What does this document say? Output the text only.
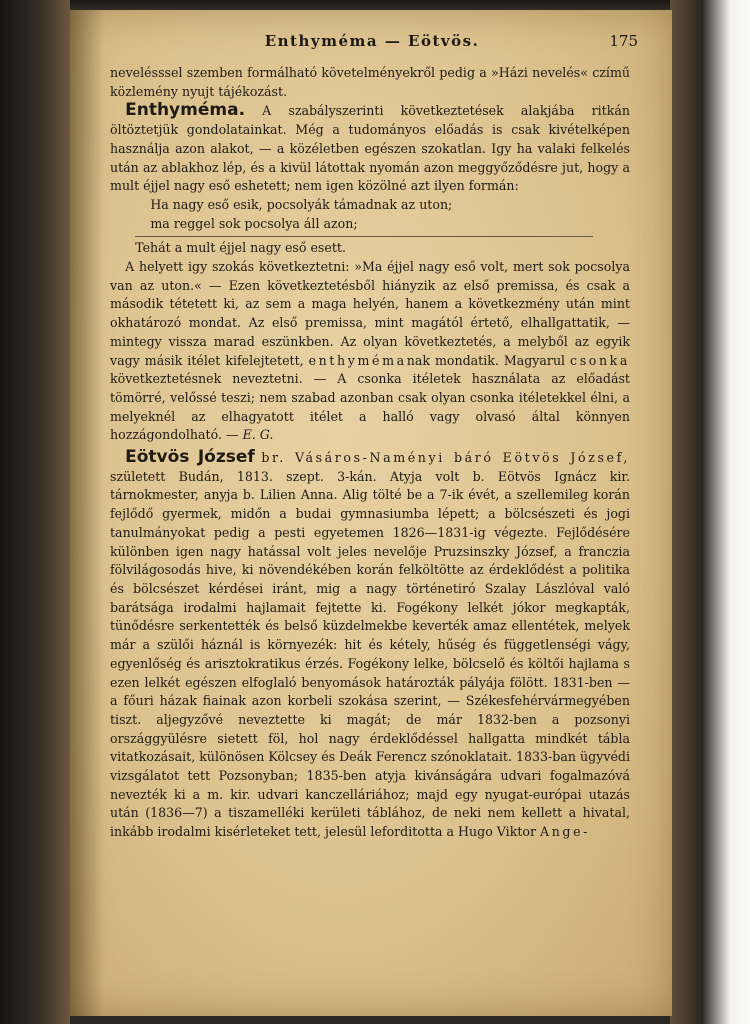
Enthyméma — Eötvös.	175

nevelésssel szemben formálható követelményekről pedig a »Házi nevelés« czímű közlemény nyujt tájékozást.

Enthyméma. A szabályszerinti következtetések alakjába ritkán öltöztetjük gondolatainkat. Még a tudományos előadás is csak kivételképen használja azon alakot, — a közéletben egészen szokatlan. Igy ha valaki felkelés után az ablakhoz lép, és a kivül látottak nyomán azon meggyőződésre jut, hogy a mult éjjel nagy eső eshetett; nem igen közölné azt ilyen formán:

Ha nagy eső esik, pocsolyák támadnak az uton;
ma reggel sok pocsolya áll azon;
Tehát a mult éjjel nagy eső esett.

A helyett igy szokás következtetni: »Ma éjjel nagy eső volt, mert sok pocsolya van az uton.« — Ezen következtetésből hiányzik az első premissa, és csak a második tétetett ki, az sem a maga helyén, hanem a következmény után mint okhatározó mondat. Az első premissa, mint magától értető, elhallgattatik, — mintegy vissza marad eszünkben. Az olyan következtetés, a melyből az egyik vagy másik itélet kifelejtetett, enthymémanak mondatik. Magyarul csonka következtetésnek neveztetni. — A csonka itéletek használata az előadást tömörré, velőssé teszi; nem szabad azonban csak olyan csonka itéletekkel élni, a melyeknél az elhagyatott itélet a halló vagy olvasó által könnyen hozzágondolható. — E. G.

Eötvös József br. Vásáros-Naményi báró Eötvös József, született Budán, 1813. szept. 3-kán. Atyja volt b. Eötvös Ignácz kir. tárnokmester, anyja b. Lilien Anna. Alig tölté be a 7-ik évét, a szellemileg korán fejlődő gyermek, midőn a budai gymnasiumba lépett; a bölcsészeti és jogi tanulmányokat pedig a pesti egyetemen 1826—1831-ig végezte. Fejlődésére különben igen nagy hatással volt jeles nevelője Pruzsinszky József, a franczia fölvilágosodás hive, ki növendékében korán felköltötte az érdeklődést a politika és bölcsészet kérdései iránt, mig a nagy történetiró Szalay Lászlóval való barátsága irodalmi hajlamait fejtette ki. Fogékony lelkét jókor megkapták, tünődésre serkentették és belső küzdelmekbe keverték amaz ellentétek, melyek már a szülői háznál is környezék: hit és kétely, hűség és függetlenségi vágy, egyenlőség és arisztokratikus érzés. Fogékony lelke, bölcselő és költői hajlama s ezen lelkét egészen elfoglaló benyomások határozták pályája fölött. 1831-ben — a főuri házak fiainak azon korbeli szokása szerint, — Székesfehérvármegyében tiszt. aljegyzővé neveztette ki magát; de már 1832-ben a pozsonyi országgyülésre sietett föl, hol nagy érdeklődéssel hallgatta mindkét tábla vitatkozásait, különösen Kölcsey és Deák Ferencz szónoklatait. 1833-ban ügyvédi vizsgálatot tett Pozsonyban; 1835-ben atyja kivánságára udvari fogalmazóvá nevezték ki a m. kir. udvari kanczelláriához; majd egy nyugat-európai utazás után (1836—7) a tiszamelléki kerületi táblához, de neki nem kellett a hivatal, inkább irodalmi kisérleteket tett, jelesül leforditotta a Hugo Viktor Ange-
